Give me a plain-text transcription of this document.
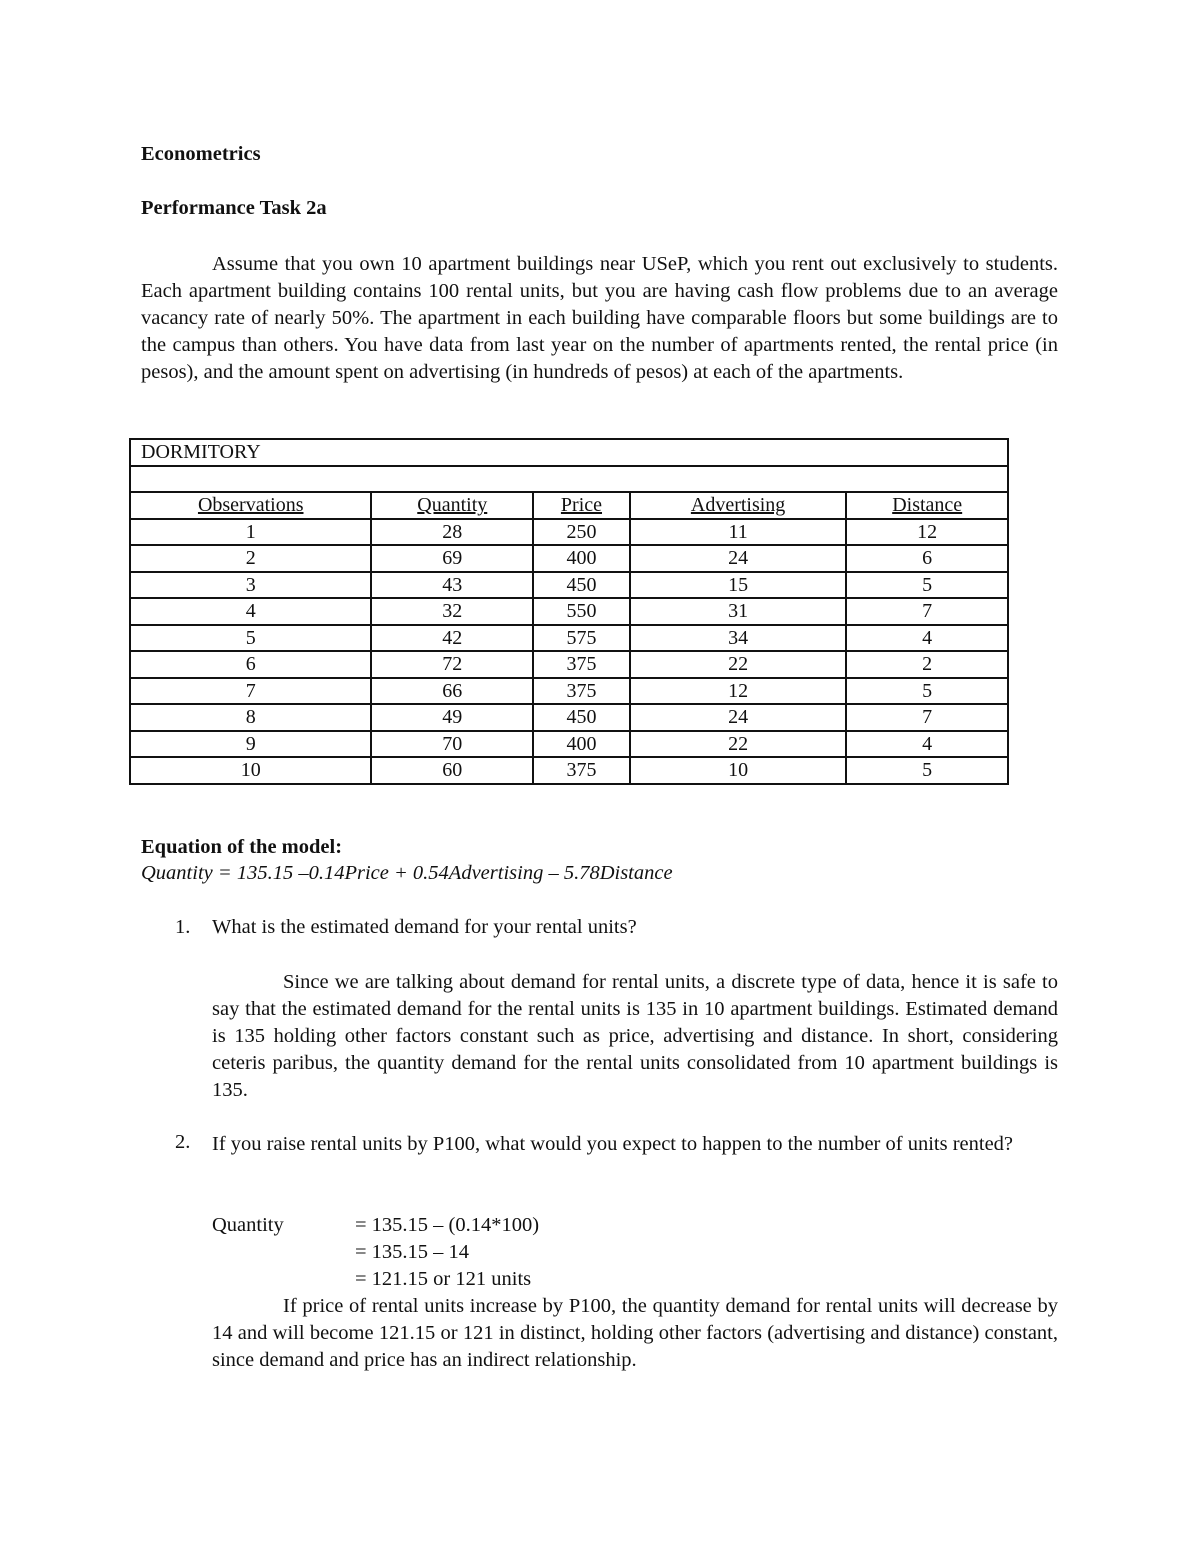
Econometrics
Performance Task 2a
Assume that you own 10 apartment buildings near USeP, which you rent out exclusively to students. Each apartment building contains 100 rental units, but you are having cash flow problems due to an average vacancy rate of nearly 50%. The apartment in each building have comparable floors but some buildings are to the campus than others. You have data from last year on the number of apartments rented, the rental price (in pesos), and the amount spent on advertising (in hundreds of pesos) at each of the apartments.
DORMITORY				

Observations	Quantity	Price	Advertising	Distance
1	28	250	11	12
2	69	400	24	6
3	43	450	15	5
4	32	550	31	7
5	42	575	34	4
6	72	375	22	2
7	66	375	12	5
8	49	450	24	7
9	70	400	22	4
10	60	375	10	5
Equation of the model:
Quantity = 135.15 –0.14Price + 0.54Advertising – 5.78Distance
1. What is the estimated demand for your rental units?
Since we are talking about demand for rental units, a discrete type of data, hence it is safe to say that the estimated demand for the rental units is 135 in 10 apartment buildings. Estimated demand is 135 holding other factors constant such as price, advertising and distance. In short, considering ceteris paribus, the quantity demand for the rental units consolidated from 10 apartment buildings is 135.
2. If you raise rental units by P100, what would you expect to happen to the number of units rented?
Quantity	= 135.15 – (0.14*100)
= 135.15 – 14
= 121.15 or 121 units
If price of rental units increase by P100, the quantity demand for rental units will decrease by 14 and will become 121.15 or 121 in distinct, holding other factors (advertising and distance) constant, since demand and price has an indirect relationship.
